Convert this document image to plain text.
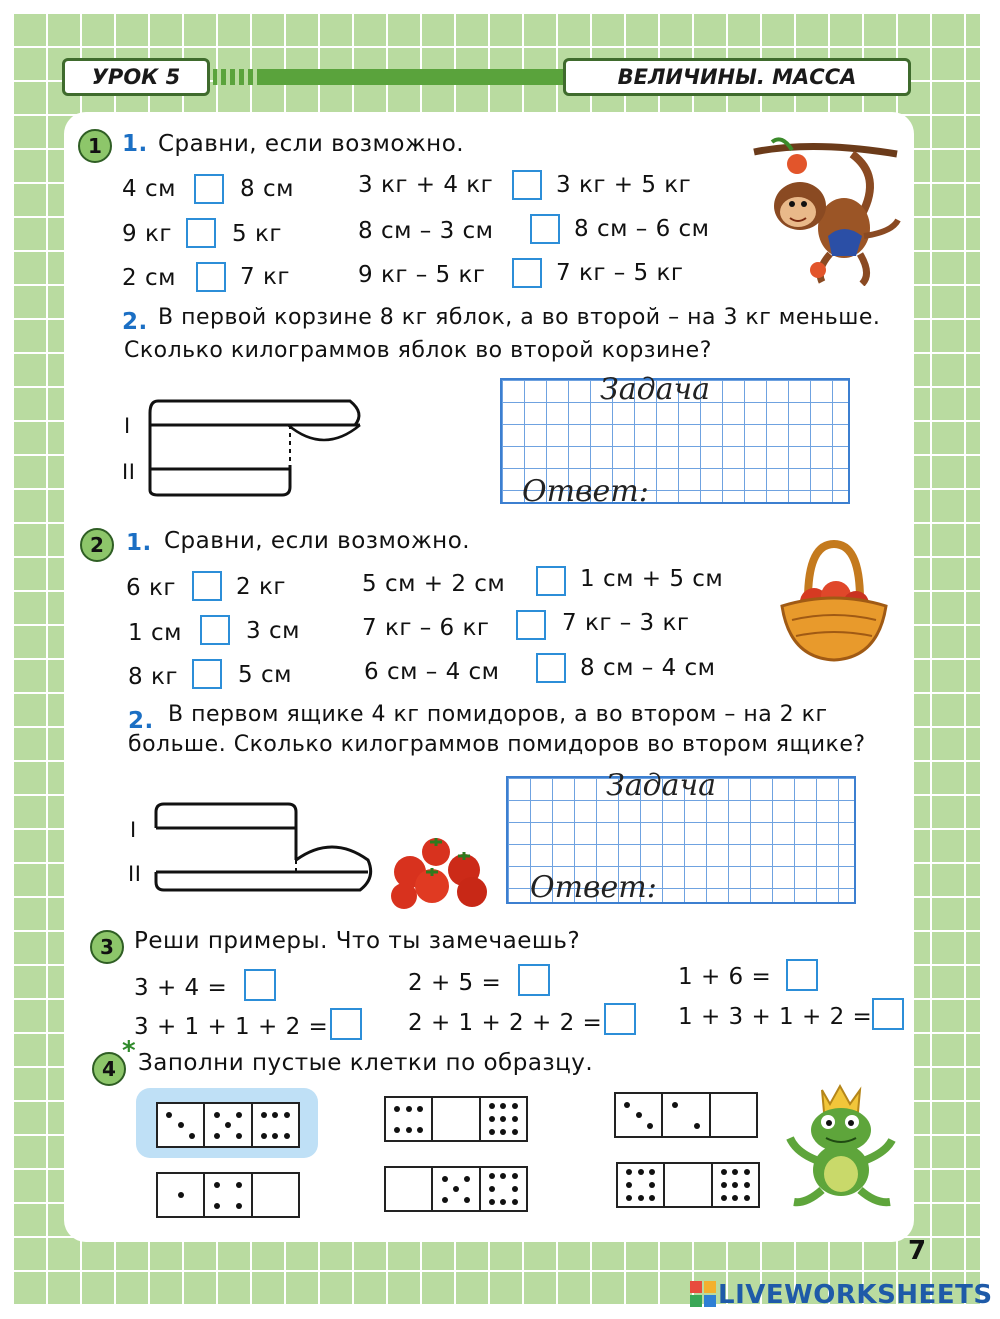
УРОК 5	ВЕЛИЧИНЫ. МАССА
1 1. Сравни, если возможно.
4 см	8 см	3 кг + 4 кг	3 кг + 5 кг
9 кг	5 кг	8 см – 3 см	8 см – 6 см
2 см	7 кг	9 кг – 5 кг	7 кг – 5 кг
2. В первой корзине 8 кг яблок, а во второй – на 3 кг меньше.
Сколько килограммов яблок во второй корзине?
I
II
Задача
Ответ:
2 1. Сравни, если возможно.
6 кг	2 кг	5 см + 2 см	1 см + 5 см
1 см	3 см	7 кг – 6 кг	7 кг – 3 кг
8 кг	5 см	6 см – 4 см	8 см – 4 см
2. В первом ящике 4 кг помидоров, а во втором – на 2 кг
больше. Сколько килограммов помидоров во втором ящике?
I
II
Задача
Ответ:
3 Реши примеры. Что ты замечаешь?
3 + 4 =	2 + 5 =	1 + 6 =
3 + 1 + 1 + 2 =	2 + 1 + 2 + 2 =	1 + 3 + 1 + 2 =
4
* Заполни пустые клетки по образцу.
7
LIVEWORKSHEETS
